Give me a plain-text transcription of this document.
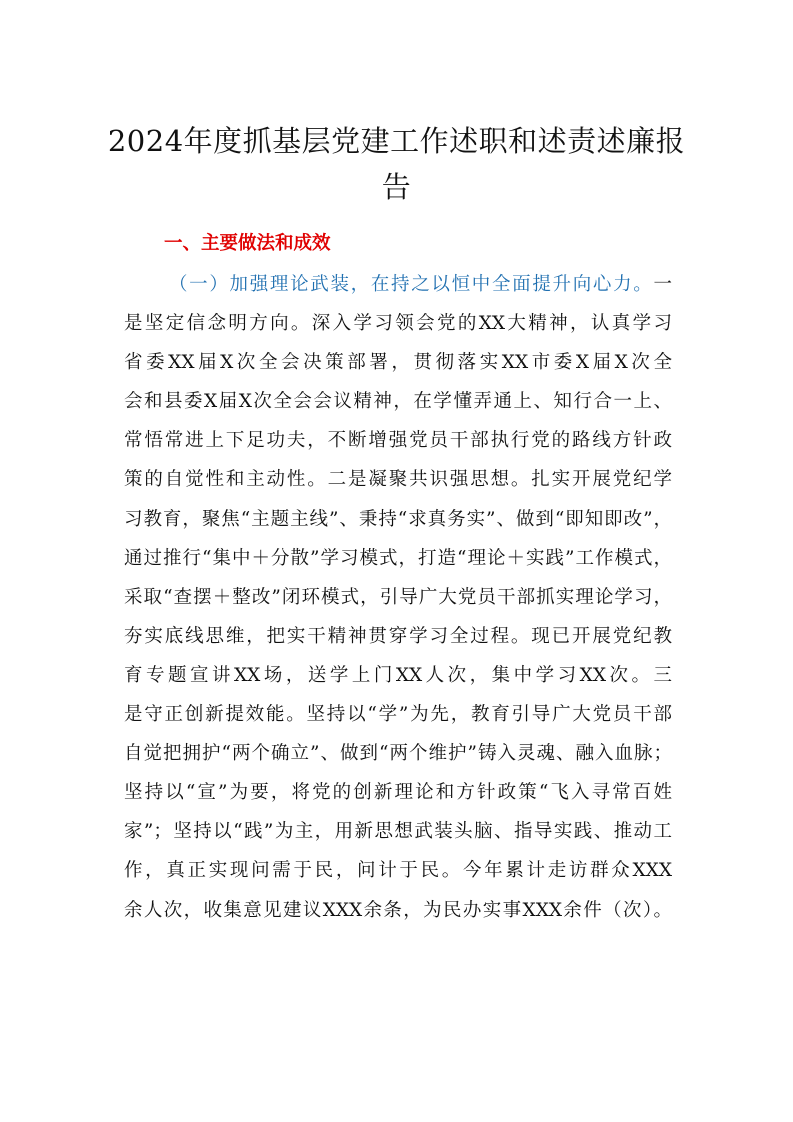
2024年度抓基层党建工作述职和述责述廉报
告
一、主要做法和成效
（一）加强理论武装，在持之以恒中全面提升向心力。一
是坚定信念明方向。深入学习领会党的XX大精神，认真学习
省委XX届X次全会决策部署，贯彻落实XX市委X届X次全
会和县委X届X次全会会议精神，在学懂弄通上、知行合一上、
常悟常进上下足功夫，不断增强党员干部执行党的路线方针政
策的自觉性和主动性。二是凝聚共识强思想。扎实开展党纪学
习教育，聚焦“主题主线”、秉持“求真务实”、做到“即知即改”，
通过推行“集中＋分散”学习模式，打造“理论＋实践”工作模式，
采取“查摆＋整改”闭环模式，引导广大党员干部抓实理论学习，
夯实底线思维，把实干精神贯穿学习全过程。现已开展党纪教
育专题宣讲XX场，送学上门XX人次，集中学习XX次。三
是守正创新提效能。坚持以“学”为先，教育引导广大党员干部
自觉把拥护“两个确立”、做到“两个维护”铸入灵魂、融入血脉；
坚持以“宣”为要，将党的创新理论和方针政策“飞入寻常百姓
家”；坚持以“践”为主，用新思想武装头脑、指导实践、推动工
作，真正实现问需于民，问计于民。今年累计走访群众XXX
余人次，收集意见建议XXX余条，为民办实事XXX余件（次）。
